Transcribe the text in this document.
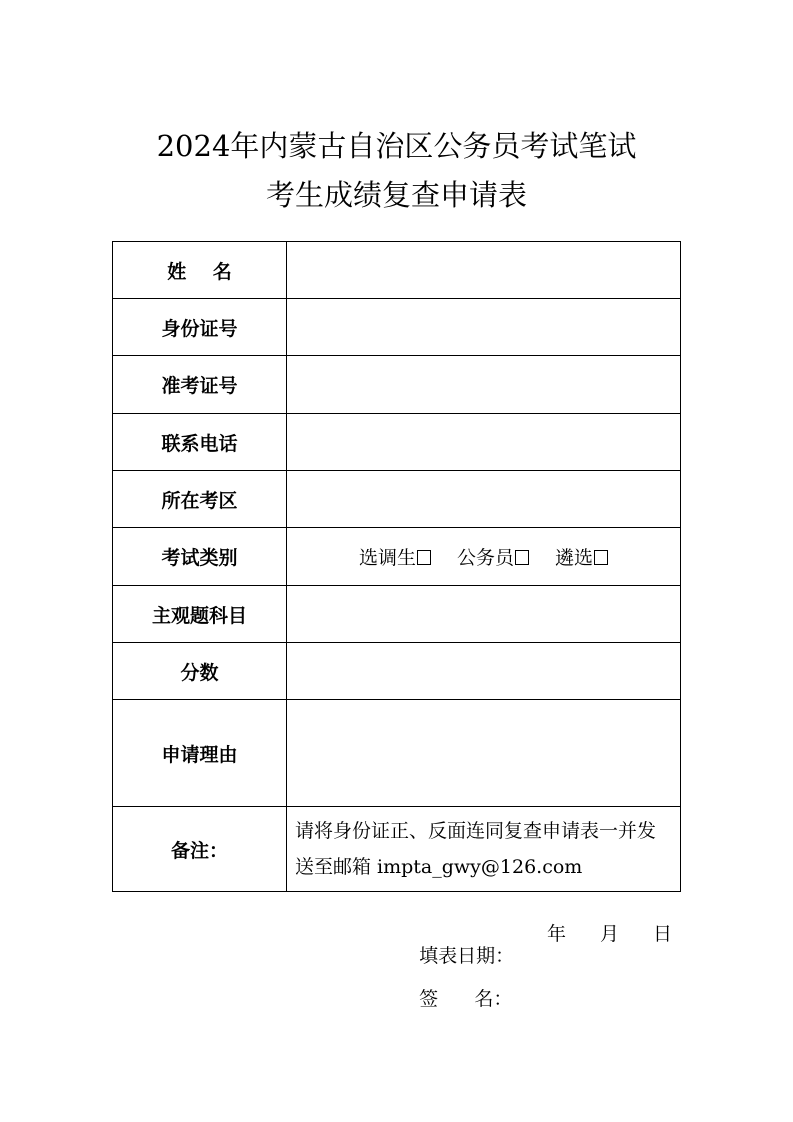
2024年内蒙古自治区公务员考试笔试
考生成绩复查申请表
姓    名	
身份证号	
准考证号	
联系电话	
所在考区	
考试类别	选调生 公务员 遴选
主观题科目	
分数	
申请理由	
备注：	请将身份证正、反面连同复查申请表一并发送至邮箱 impta_gwy@126.com

填表日期：

年

月

日

签      名：
